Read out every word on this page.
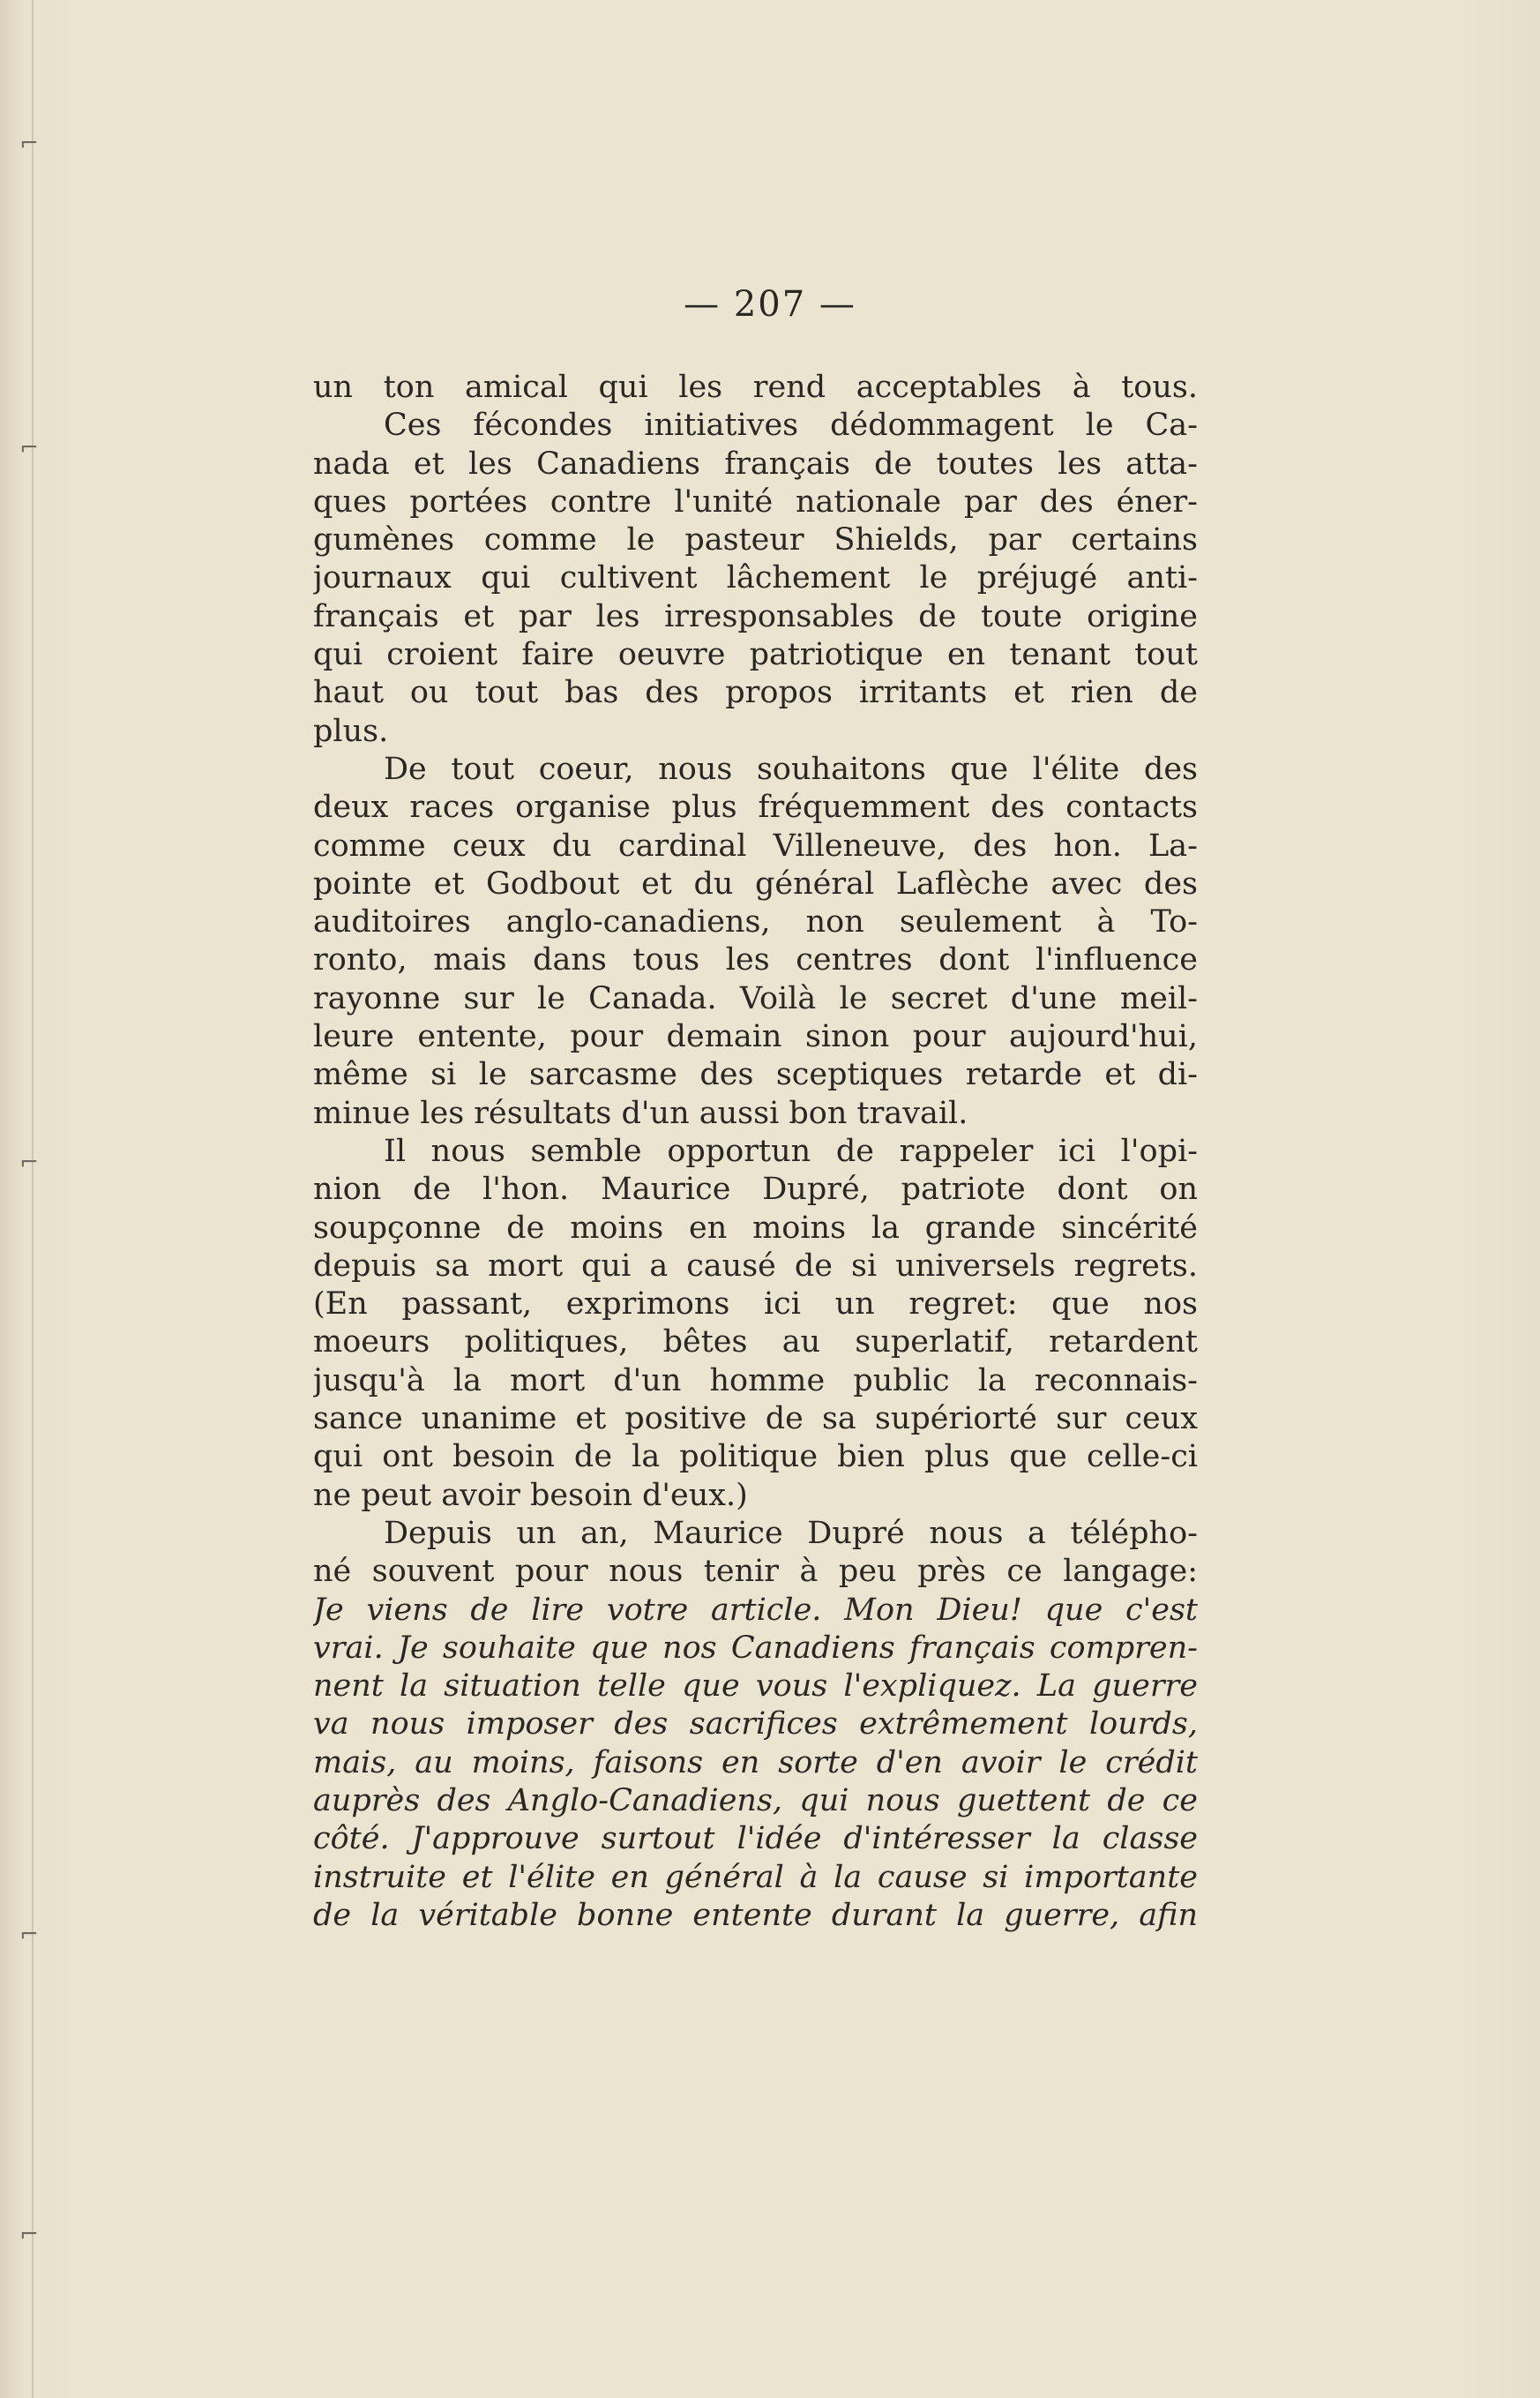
⌐
⌐
⌐
⌐
⌐
— 207 —
un ton amical qui les rend acceptables à tous.
Ces fécondes initiatives dédommagent le Ca-
nada et les Canadiens français de toutes les atta-
ques portées contre l'unité nationale par des éner-
gumènes comme le pasteur Shields, par certains
journaux qui cultivent lâchement le préjugé anti-
français et par les irresponsables de toute origine
qui croient faire oeuvre patriotique en tenant tout
haut ou tout bas des propos irritants et rien de
plus.
De tout coeur, nous souhaitons que l'élite des
deux races organise plus fréquemment des contacts
comme ceux du cardinal Villeneuve, des hon. La-
pointe et Godbout et du général Laflèche avec des
auditoires anglo-canadiens, non seulement à To-
ronto, mais dans tous les centres dont l'influence
rayonne sur le Canada. Voilà le secret d'une meil-
leure entente, pour demain sinon pour aujourd'hui,
même si le sarcasme des sceptiques retarde et di-
minue les résultats d'un aussi bon travail.
Il nous semble opportun de rappeler ici l'opi-
nion de l'hon. Maurice Dupré, patriote dont on
soupçonne de moins en moins la grande sincérité
depuis sa mort qui a causé de si universels regrets.
(En passant, exprimons ici un regret: que nos
moeurs politiques, bêtes au superlatif, retardent
jusqu'à la mort d'un homme public la reconnais-
sance unanime et positive de sa supériorté sur ceux
qui ont besoin de la politique bien plus que celle-ci
ne peut avoir besoin d'eux.)
Depuis un an, Maurice Dupré nous a télépho-
né souvent pour nous tenir à peu près ce langage:
Je viens de lire votre article. Mon Dieu! que c'est
vrai. Je souhaite que nos Canadiens français compren-
nent la situation telle que vous l'expliquez. La guerre
va nous imposer des sacrifices extrêmement lourds,
mais, au moins, faisons en sorte d'en avoir le crédit
auprès des Anglo-Canadiens, qui nous guettent de ce
côté. J'approuve surtout l'idée d'intéresser la classe
instruite et l'élite en général à la cause si importante
de la véritable bonne entente durant la guerre, afin
